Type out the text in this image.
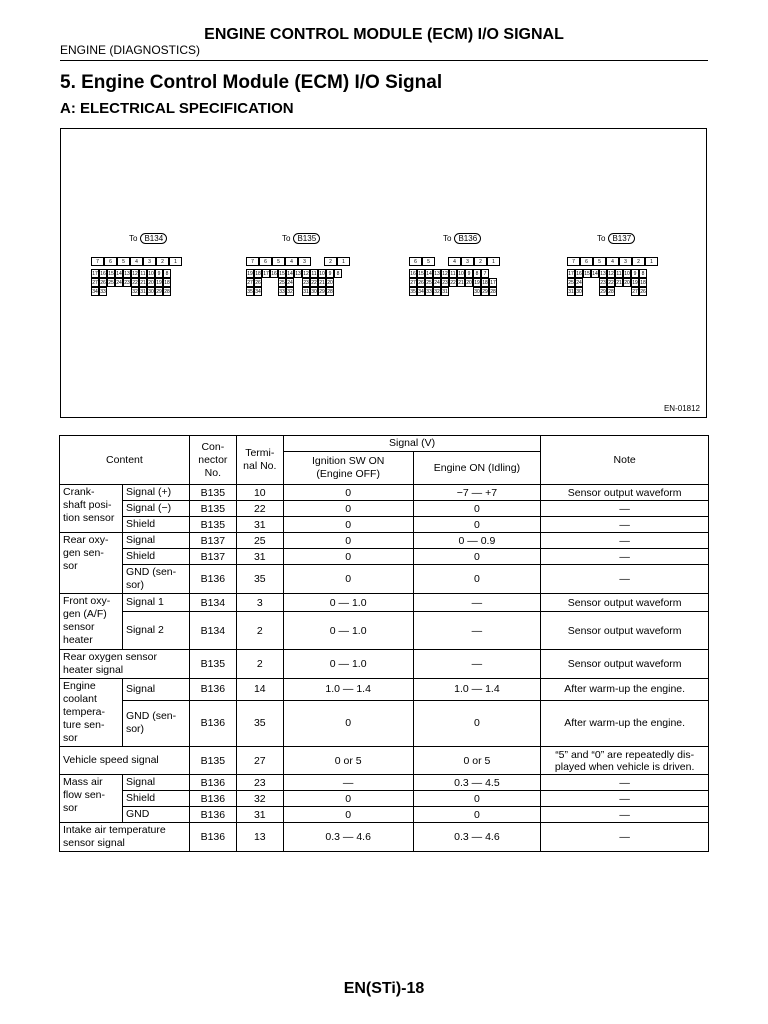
ENGINE CONTROL MODULE (ECM) I/O SIGNAL
ENGINE (DIAGNOSTICS)
5. Engine Control Module (ECM) I/O Signal
A: ELECTRICAL SPECIFICATION
To B134
7	6	5	4	3	2	1
17 16 15 14 13 12 11 10 9	8
27 26 25 24 23 22 21 20 19 18
34 33	32 31 30 29 28
To B135
7	6	5	4	3	2	1
19 18 17 16 15 14 13 12 11 10 9	8
27 26	25 24 23 22 21 20
35 34	33 32 31 30 29 28
To B136
6	5	4	3	2	1
16 15 14 13 12 11 10 9	8	7
27 26 25 24 23 22 21 20 19 18 17
35 34 33 32 31	30 29 28
To B137
7	6	5	4	3	2	1
17 16 15 14 13 12 11 10 9	8
25 24	23 22 21 20 19 18
31 30	29 28	27 26
EN-01812
Content		Con-
nector
No.	Termi-
nal No.	Signal (V)		Note
				Ignition SW ON
(Engine OFF)	Engine ON (Idling)	
Crank-
shaft posi-
tion sensor	Signal (+)	B135	10	0	−7 — +7	Sensor output waveform
	Signal (−)	B135	22	0	0	—
	Shield	B135	31	0	0	—
Rear oxy-
gen sen-
sor	Signal	B137	25	0	0 — 0.9	—
	Shield	B137	31	0	0	—
	GND (sen-
sor)	B136	35	0	0	—
Front oxy-
gen (A/F)
sensor
heater	Signal 1	B134	3	0 — 1.0	—	Sensor output waveform
	Signal 2	B134	2	0 — 1.0	—	Sensor output waveform
Rear oxygen sensor
heater signal		B135	2	0 — 1.0	—	Sensor output waveform
Engine
coolant
tempera-
ture sen-
sor	Signal	B136	14	1.0 — 1.4	1.0 — 1.4	After warm-up the engine.
	GND (sen-
sor)	B136	35	0	0	After warm-up the engine.
Vehicle speed signal		B135	27	0 or 5	0 or 5	“5” and “0” are repeatedly dis-
played when vehicle is driven.
Mass air
flow sen-
sor	Signal	B136	23	—	0.3 — 4.5	—
	Shield	B136	32	0	0	—
	GND	B136	31	0	0	—
Intake air temperature
sensor signal		B136	13	0.3 — 4.6	0.3 — 4.6	—
EN(STi)-18
